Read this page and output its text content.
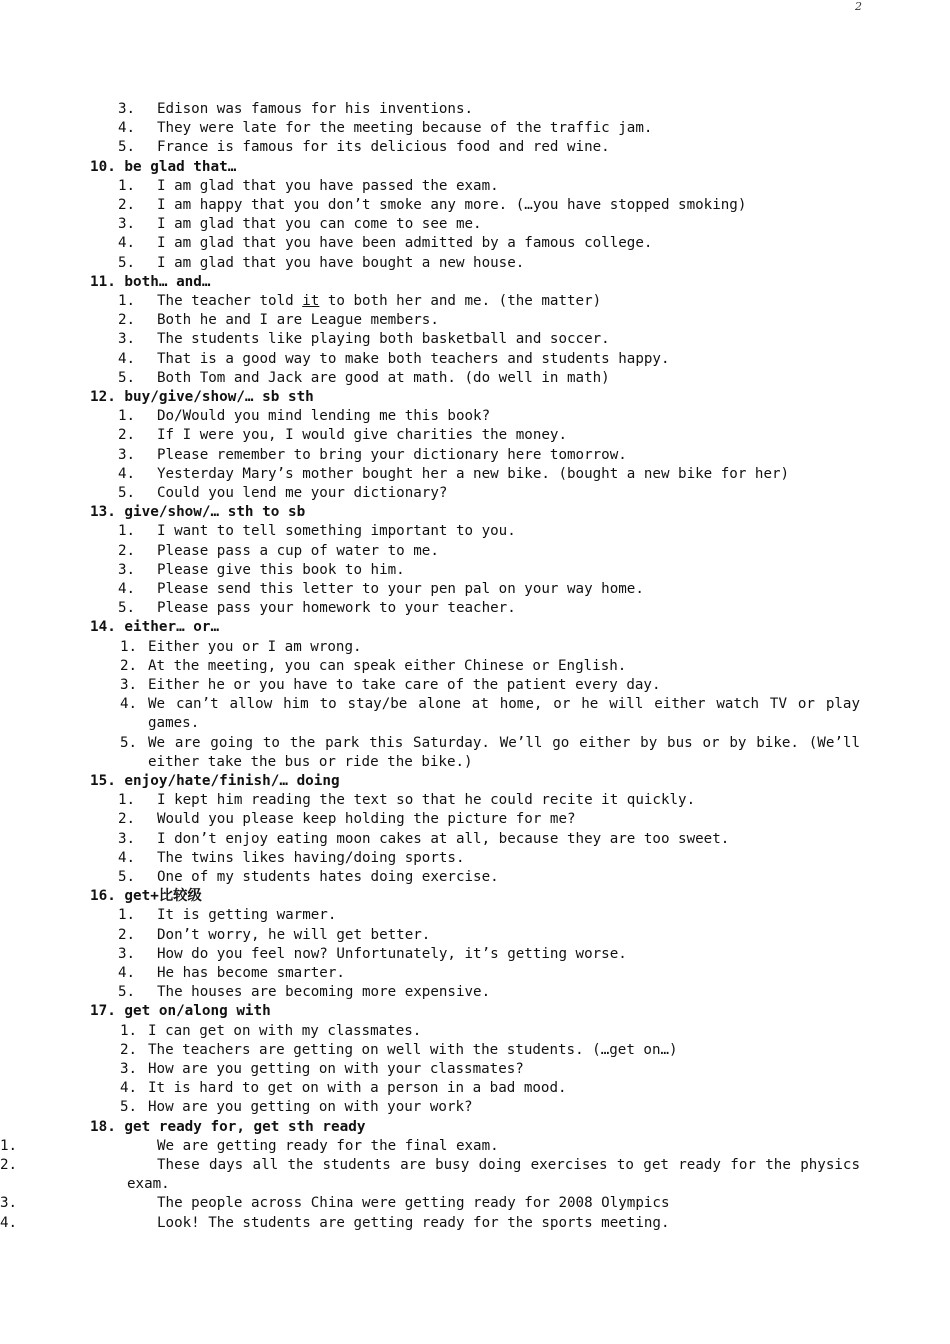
2
3.	Edison was famous for his inventions.
4.	They were late for the meeting because of the traffic jam.
5.	France is famous for its delicious food and red wine.
10. be glad that…
1.	I am glad that you have passed the exam.
2.	I am happy that you don’t smoke any more. (…you have stopped smoking)
3.	I am glad that you can come to see me.
4.	I am glad that you have been admitted by a famous college.
5.	I am glad that you have bought a new house.
11. both… and…
1.	The teacher told it to both her and me. (the matter)
2.	Both he and I are League members.
3.	The students like playing both basketball and soccer.
4.	That is a good way to make both teachers and students happy.
5.	Both Tom and Jack are good at math. (do well in math)
12. buy/give/show/… sb sth
1.	Do/Would you mind lending me this book?
2.	If I were you, I would give charities the money.
3.	Please remember to bring your dictionary here tomorrow.
4.	Yesterday Mary’s mother bought her a new bike. (bought a new bike for her)
5.	Could you lend me your dictionary?
13. give/show/… sth to sb
1.	I want to tell something important to you.
2.	Please pass a cup of water to me.
3.	Please give this book to him.
4.	Please send this letter to your pen pal on your way home.
5.	Please pass your homework to your teacher.
14. either… or…
1. Either you or I am wrong.
2. At the meeting, you can speak either Chinese or English.
3. Either he or you have to take care of the patient every day.
4. We can’t allow him to stay/be alone at home, or he will either watch TV or play games.
5. We are going to the park this Saturday. We’ll go either by bus or by bike. (We’ll either take the bus or ride the bike.)
15. enjoy/hate/finish/… doing
1.	I kept him reading the text so that he could recite it quickly.
2.	Would you please keep holding the picture for me?
3.	I don’t enjoy eating moon cakes at all, because they are too sweet.
4.	The twins likes having/doing sports.
5.	One of my students hates doing exercise.
16. get+比较级
1.	It is getting warmer.
2.	Don’t worry, he will get better.
3.	How do you feel now? Unfortunately, it’s getting worse.
4.	He has become smarter.
5.	The houses are becoming more expensive.
17. get on/along with
1. I can get on with my classmates.
2. The teachers are getting on well with the students. (…get on…)
3. How are you getting on with your classmates?
4. It is hard to get on with a person in a bad mood.
5. How are you getting on with your work?
18. get ready for, get sth ready
1.	We are getting ready for the final exam.
2.	These days all the students are busy doing exercises to get ready for the physics exam.
3.	The people across China were getting ready for 2008 Olympics
4.	Look! The students are getting ready for the sports meeting.
